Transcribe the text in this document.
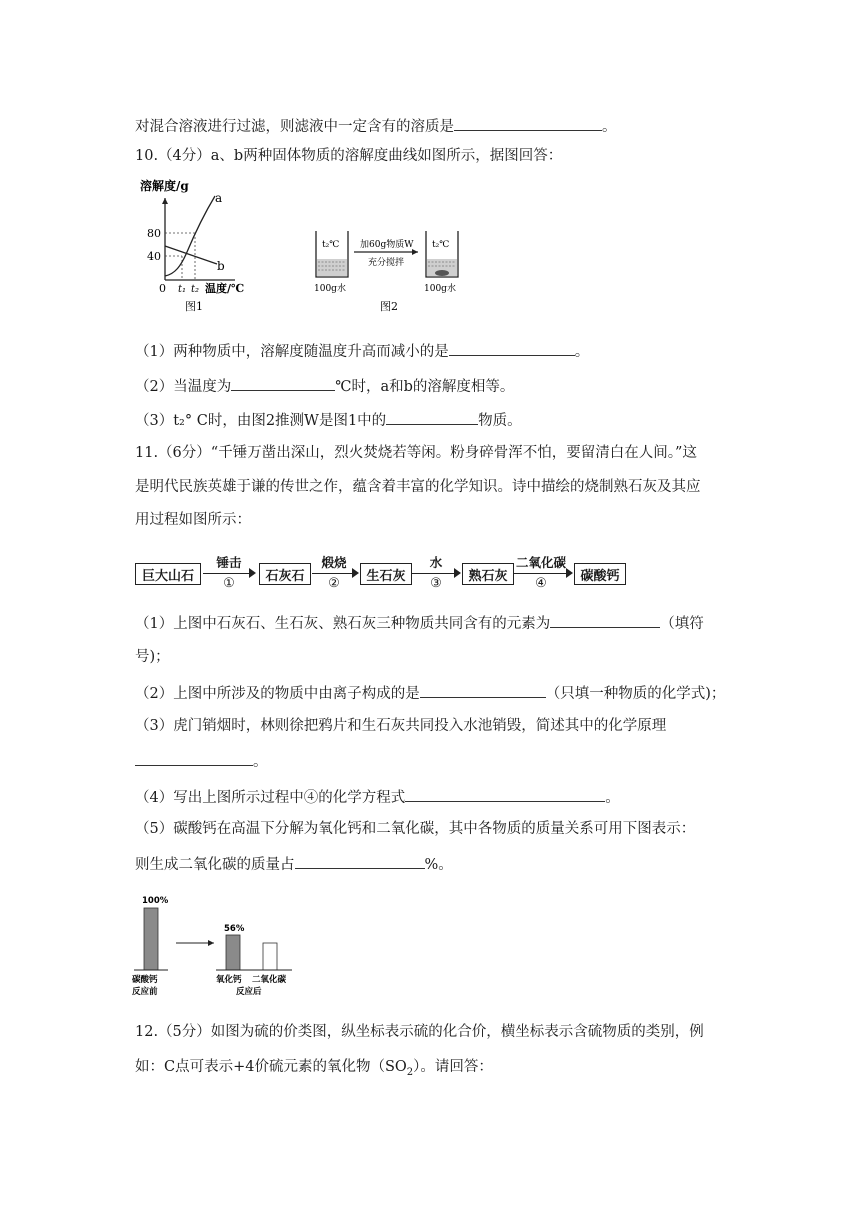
对混合溶液进行过滤，则滤液中一定含有的溶质是	。
10.（4分）a、b两种固体物质的溶解度曲线如图所示，据图回答：
溶解度/g
80
40
a
b
0 t₁ t₂ 温度/℃
图1
t₂℃ 加60g物质W
充分搅拌
t₂℃
100g水	100g水
图2
（1）两种物质中，溶解度随温度升高而减小的是	。
（2）当温度为	℃时，a和b的溶解度相等。
（3）t₂° C时，由图2推测W是图1中的	物质。
11.（6分）“千锤万凿出深山，烈火焚烧若等闲。粉身碎骨浑不怕，要留清白在人间。”这
是明代民族英雄于谦的传世之作，蕴含着丰富的化学知识。诗中描绘的烧制熟石灰及其应
用过程如图所示：
巨大山石
锤击
①	石灰石
煅烧
②	生石灰
水
③	熟石灰
二氧化碳
④	碳酸钙
（1）上图中石灰石、生石灰、熟石灰三种物质共同含有的元素为	（填符
号)；
（2）上图中所涉及的物质中由离子构成的是	（只填一种物质的化学式)；
（3）虎门销烟时，林则徐把鸦片和生石灰共同投入水池销毁，简述其中的化学原理
。
（4）写出上图所示过程中④的化学方程式	。
（5）碳酸钙在高温下分解为氧化钙和二氧化碳，其中各物质的质量关系可用下图表示：
则生成二氧化碳的质量占	%。
100%
56%
碳酸钙
反应前
氧化钙 二氧化碳
反应后
12.（5分）如图为硫的价类图，纵坐标表示硫的化合价，横坐标表示含硫物质的类别，例
如：C点可表示+4价硫元素的氧化物$(SO_2)$。请回答：
